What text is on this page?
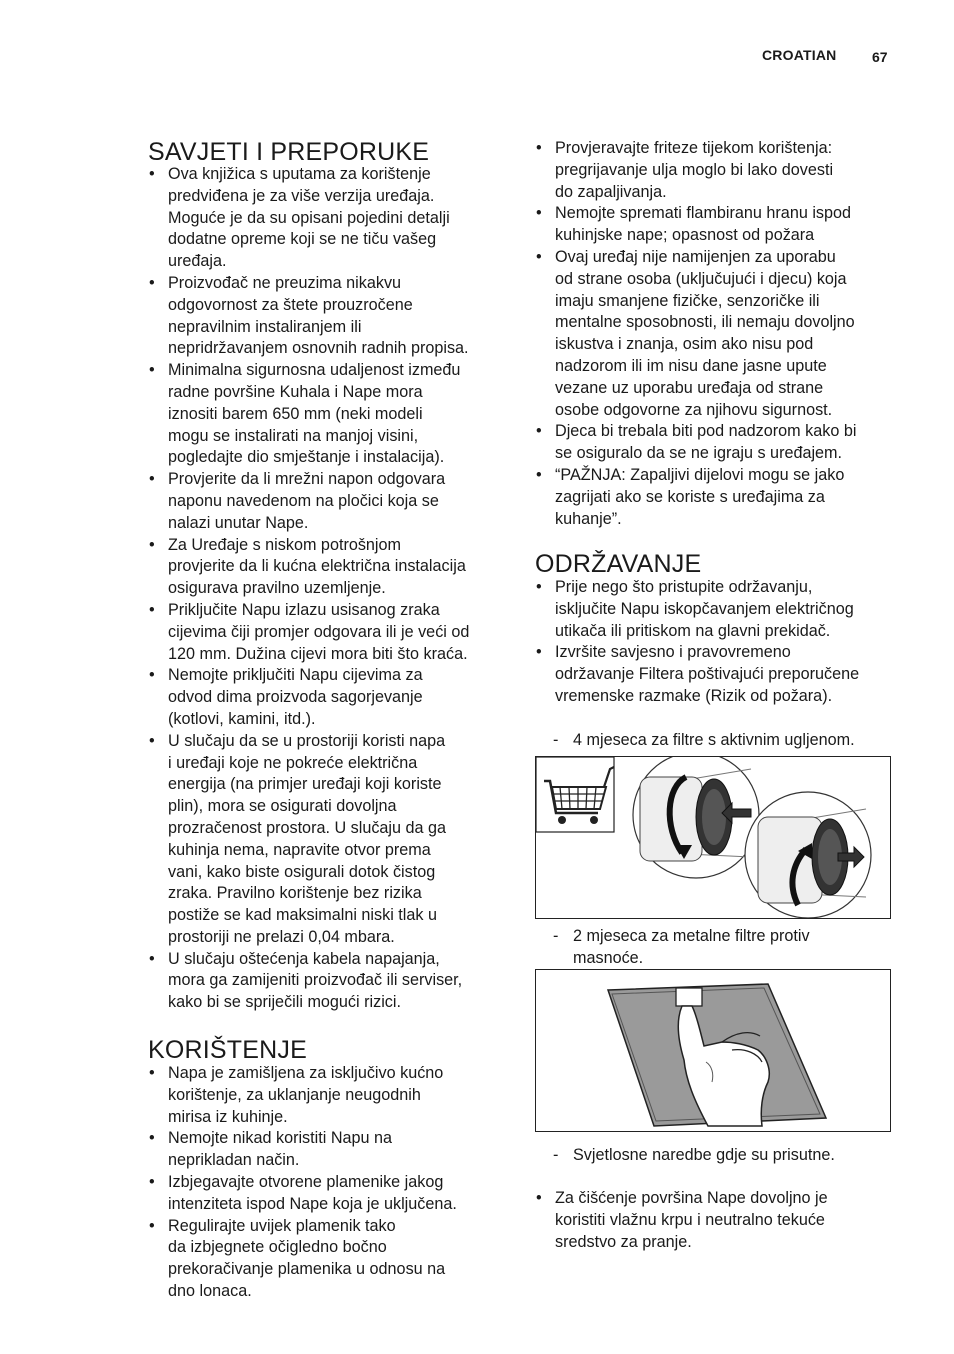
CROATIAN	67
SAVJETI I PREPORUKE
• Ova knjižica s uputama za korištenje
predviđena je za više verzija uređaja.
Moguće je da su opisani pojedini detalji
dodatne opreme koji se ne tiču vašeg
uređaja.
• Proizvođač ne preuzima nikakvu
odgovornost za štete prouzročene
nepravilnim instaliranjem ili
nepridržavanjem osnovnih radnih propisa.
• Minimalna sigurnosna udaljenost između
radne površine Kuhala i Nape mora
iznositi barem 650 mm (neki modeli
mogu se instalirati na manjoj visini,
pogledajte dio smještanje i instalacija).
• Provjerite da li mrežni napon odgovara
naponu navedenom na pločici koja se
nalazi unutar Nape.
• Za Uređaje s niskom potrošnjom
provjerite da li kućna električna instalacija
osigurava pravilno uzemljenje.
• Priključite Napu izlazu usisanog zraka
cijevima čiji promjer odgovara ili je veći od
120 mm. Dužina cijevi mora biti što kraća.
• Nemojte priključiti Napu cijevima za
odvod dima proizvoda sagorjevanje
(kotlovi, kamini, itd.).
• U slučaju da se u prostoriji koristi napa
i uređaji koje ne pokreće električna
energija (na primjer uređaji koji koriste
plin), mora se osigurati dovoljna
prozračenost prostora. U slučaju da ga
kuhinja nema, napravite otvor prema
vani, kako biste osigurali dotok čistog
zraka. Pravilno korištenje bez rizika
postiže se kad maksimalni niski tlak u
prostoriji ne prelazi 0,04 mbara.
• U slučaju oštećenja kabela napajanja,
mora ga zamijeniti proizvođač ili serviser,
kako bi se spriječili mogući rizici.
KORIŠTENJE
• Napa je zamišljena za isključivo kućno
korištenje, za uklanjanje neugodnih
mirisa iz kuhinje.
• Nemojte nikad koristiti Napu na
neprikladan način.
• Izbjegavajte otvorene plamenike jakog
intenziteta ispod Nape koja je uključena.
• Regulirajte uvijek plamenik tako
da izbjegnete očigledno bočno
prekoračivanje plamenika u odnosu na
dno lonaca.
• Provjeravajte friteze tijekom korištenja:
pregrijavanje ulja moglo bi lako dovesti
do zapaljivanja.
• Nemojte spremati flambiranu hranu ispod
kuhinjske nape; opasnost od požara
• Ovaj uređaj nije namijenjen za uporabu
od strane osoba (uključujući i djecu) koja
imaju smanjene fizičke, senzoričke ili
mentalne sposobnosti, ili nemaju dovoljno
iskustva i znanja, osim ako nisu pod
nadzorom ili im nisu dane jasne upute
vezane uz uporabu uređaja od strane
osobe odgovorne za njihovu sigurnost.
• Djeca bi trebala biti pod nadzorom kako bi
se osiguralo da se ne igraju s uređajem.
• “PAŽNJA: Zapaljivi dijelovi mogu se jako
zagrijati ako se koriste s uređajima za
kuhanje”.
ODRŽAVANJE
• Prije nego što pristupite održavanju,
isključite Napu iskopčavanjem električnog
utikača ili pritiskom na glavni prekidač.
• Izvršite savjesno i pravovremeno
održavanje Filtera poštivajući preporučene
vremenske razmake (Rizik od požara).
- 4 mjeseca za filtre s aktivnim ugljenom.
- 2 mjeseca za metalne filtre protiv
masnoće.
- Svjetlosne naredbe gdje su prisutne.
• Za čišćenje površina Nape dovoljno je
koristiti vlažnu krpu i neutralno tekuće
sredstvo za pranje.
